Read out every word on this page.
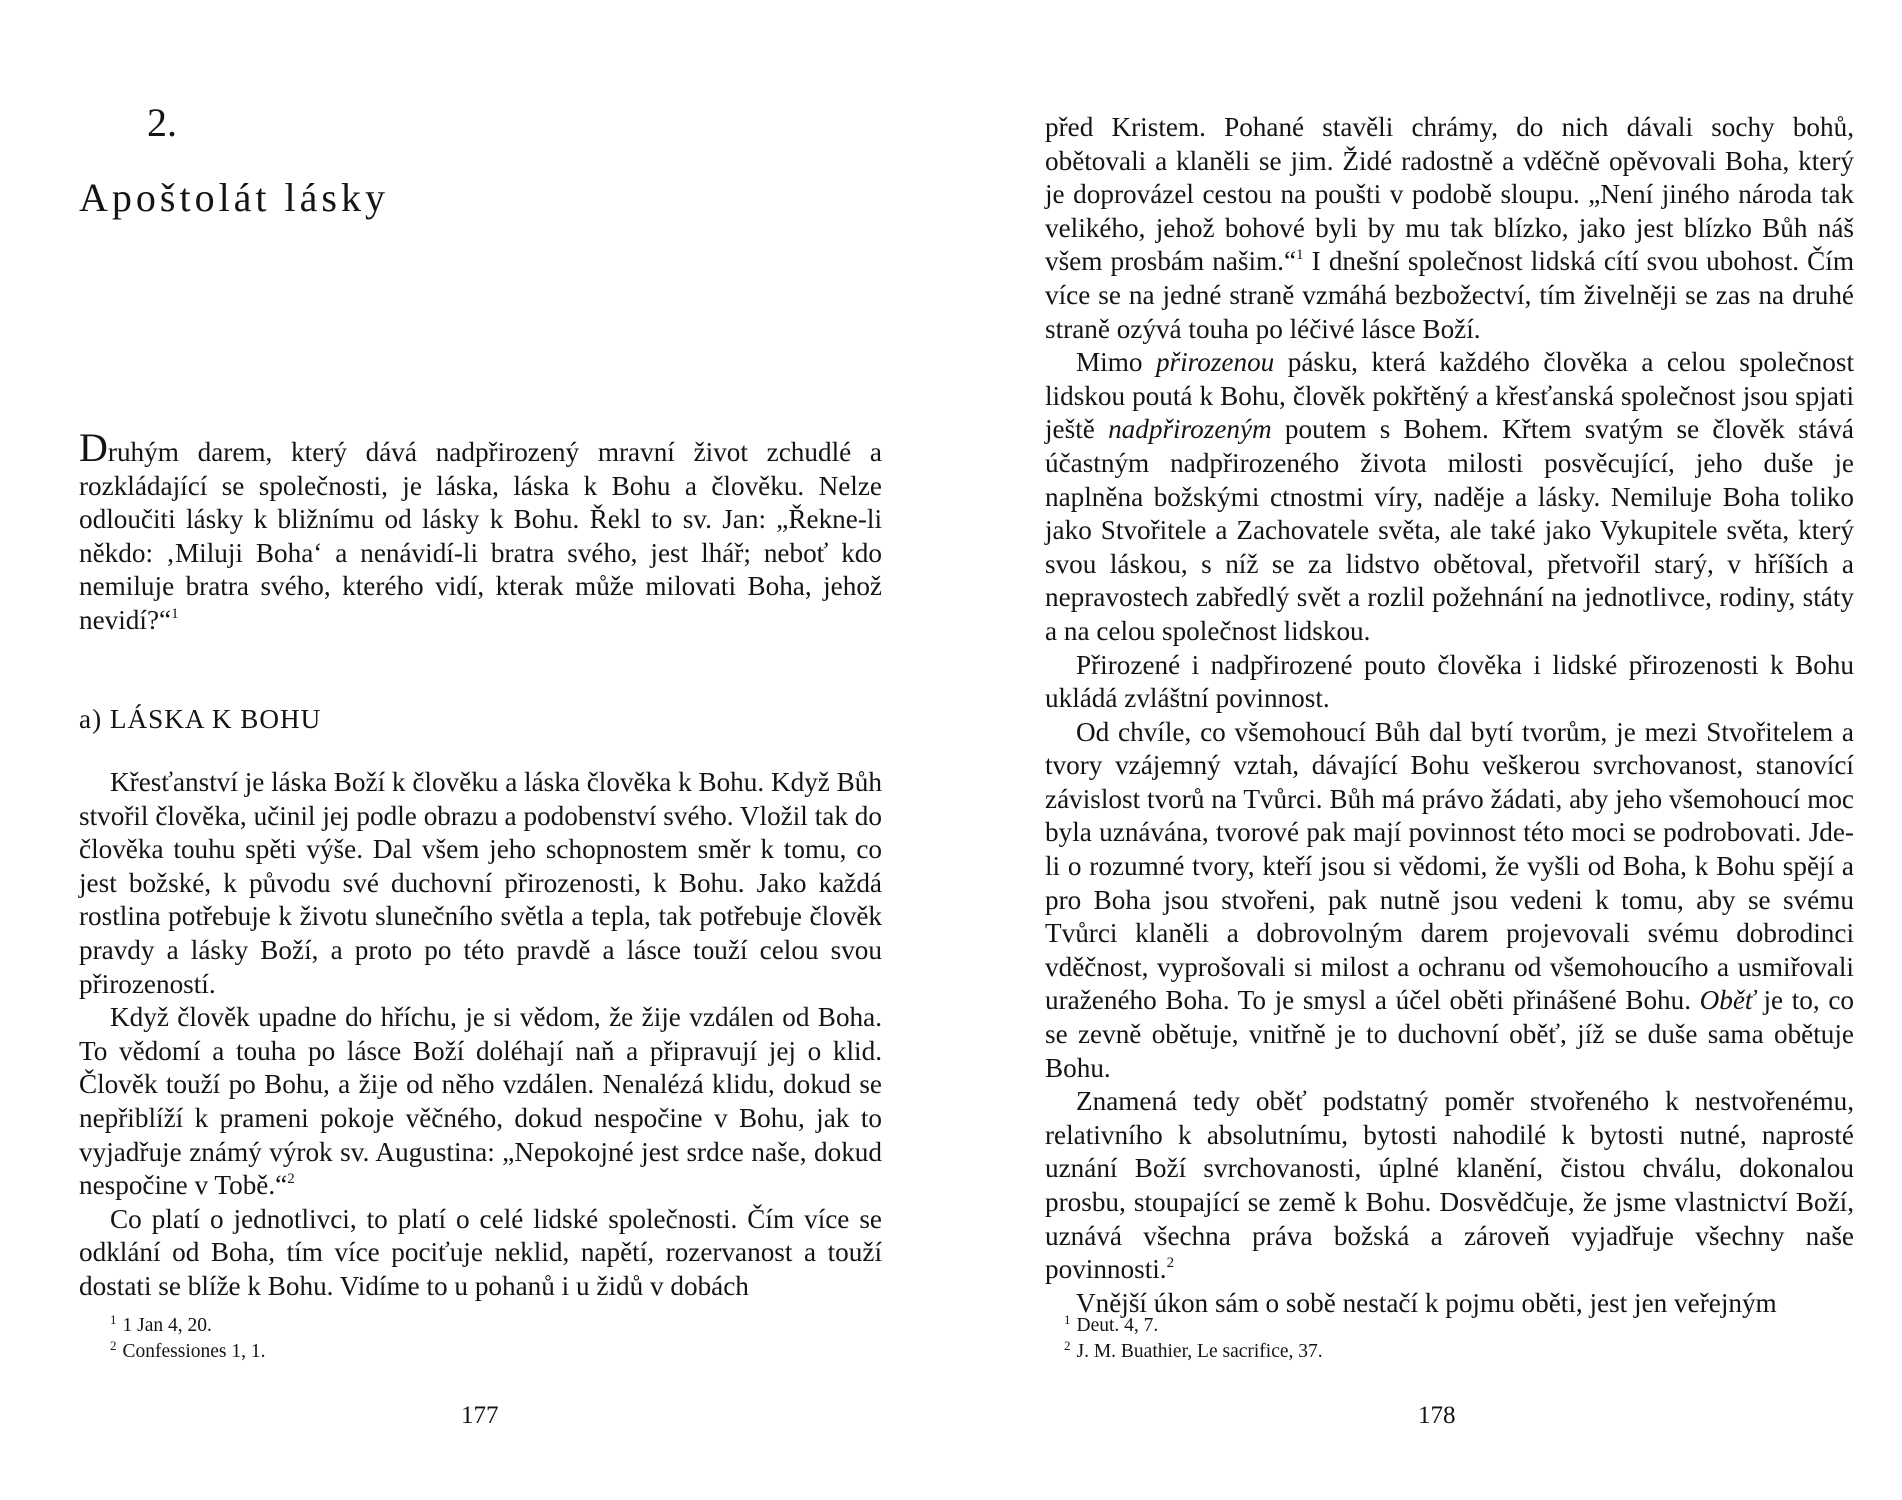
2.
Apoštolát lásky

Druhým darem, který dává nadpřirozený mravní život zchudlé a rozkládající se společnosti, je láska, láska k Bohu a člověku. Nelze odloučiti lásky k bližnímu od lásky k Bohu. Řekl to sv. Jan: „Řekne-li někdo: ‚Miluji Boha‘ a nenávidí-li bratra svého, jest lhář; neboť kdo nemiluje bratra svého, kterého vidí, kterak může milovati Boha, jehož nevidí?“$^1$

a) LÁSKA K BOHU

Křesťanství je láska Boží k člověku a láska člověka k Bohu. Když Bůh stvořil člověka, učinil jej podle obrazu a podobenství svého. Vložil tak do člověka touhu spěti výše. Dal všem jeho schopnostem směr k tomu, co jest božské, k původu své duchovní přirozenosti, k Bohu. Jako každá rostlina potřebuje k životu slunečního světla a tepla, tak potřebuje člověk pravdy a lásky Boží, a proto po této pravdě a lásce touží celou svou přirozeností.

Když člověk upadne do hříchu, je si vědom, že žije vzdálen od Boha. To vědomí a touha po lásce Boží doléhají naň a připravují jej o klid. Člověk touží po Bohu, a žije od něho vzdálen. Nenalézá klidu, dokud se nepřiblíží k prameni pokoje věčného, dokud nespočine v Bohu, jak to vyjadřuje známý výrok sv. Augustina: „Nepokojné jest srdce naše, dokud nespočine v Tobě.“$^2$

Co platí o jednotlivci, to platí o celé lidské společnosti. Čím více se odklání od Boha, tím více pociťuje neklid, napětí, rozervanost a touží dostati se blíže k Bohu. Vidíme to u pohanů i u židů v dobách

$^1$ 1 Jan 4, 20.
$^2$ Confessiones 1, 1.
177

před Kristem. Pohané stavěli chrámy, do nich dávali sochy bohů, obětovali a klaněli se jim. Židé radostně a vděčně opěvovali Boha, který je doprovázel cestou na poušti v podobě sloupu. „Není jiného národa tak velikého, jehož bohové byli by mu tak blízko, jako jest blízko Bůh náš všem prosbám našim.“$^1$ I dnešní společnost lidská cítí svou ubohost. Čím více se na jedné straně vzmáhá bezbožectví, tím živelněji se zas na druhé straně ozývá touha po léčivé lásce Boží.

Mimo přirozenou pásku, která každého člověka a celou společnost lidskou poutá k Bohu, člověk pokřtěný a křesťanská společnost jsou spjati ještě nadpřirozeným poutem s Bohem. Křtem svatým se člověk stává účastným nadpřirozeného života milosti posvěcující, jeho duše je naplněna božskými ctnostmi víry, naděje a lásky. Nemiluje Boha toliko jako Stvořitele a Zachovatele světa, ale také jako Vykupitele světa, který svou láskou, s níž se za lidstvo obětoval, přetvořil starý, v hříších a nepravostech zabředlý svět a rozlil požehnání na jednotlivce, rodiny, státy a na celou společnost lidskou.

Přirozené i nadpřirozené pouto člověka i lidské přirozenosti k Bohu ukládá zvláštní povinnost.

Od chvíle, co všemohoucí Bůh dal bytí tvorům, je mezi Stvořitelem a tvory vzájemný vztah, dávající Bohu veškerou svrchovanost, stanovící závislost tvorů na Tvůrci. Bůh má právo žádati, aby jeho všemohoucí moc byla uznávána, tvorové pak mají povinnost této moci se podrobovati. Jde-li o rozumné tvory, kteří jsou si vědomi, že vyšli od Boha, k Bohu spějí a pro Boha jsou stvořeni, pak nutně jsou vedeni k tomu, aby se svému Tvůrci klaněli a dobrovolným darem projevovali svému dobrodinci vděčnost, vyprošovali si milost a ochranu od všemohoucího a usmiřovali uraženého Boha. To je smysl a účel oběti přinášené Bohu. Oběť je to, co se zevně obětuje, vnitřně je to duchovní oběť, jíž se duše sama obětuje Bohu.

Znamená tedy oběť podstatný poměr stvořeného k nestvořenému, relativního k absolutnímu, bytosti nahodilé k bytosti nutné, naprosté uznání Boží svrchovanosti, úplné klanění, čistou chválu, dokonalou prosbu, stoupající se země k Bohu. Dosvědčuje, že jsme vlastnictví Boží, uznává všechna práva božská a zároveň vyjadřuje všechny naše povinnosti.$^2$

Vnější úkon sám o sobě nestačí k pojmu oběti, jest jen veřejným

$^1$ Deut. 4, 7.
$^2$ J. M. Buathier, Le sacrifice, 37.
178
